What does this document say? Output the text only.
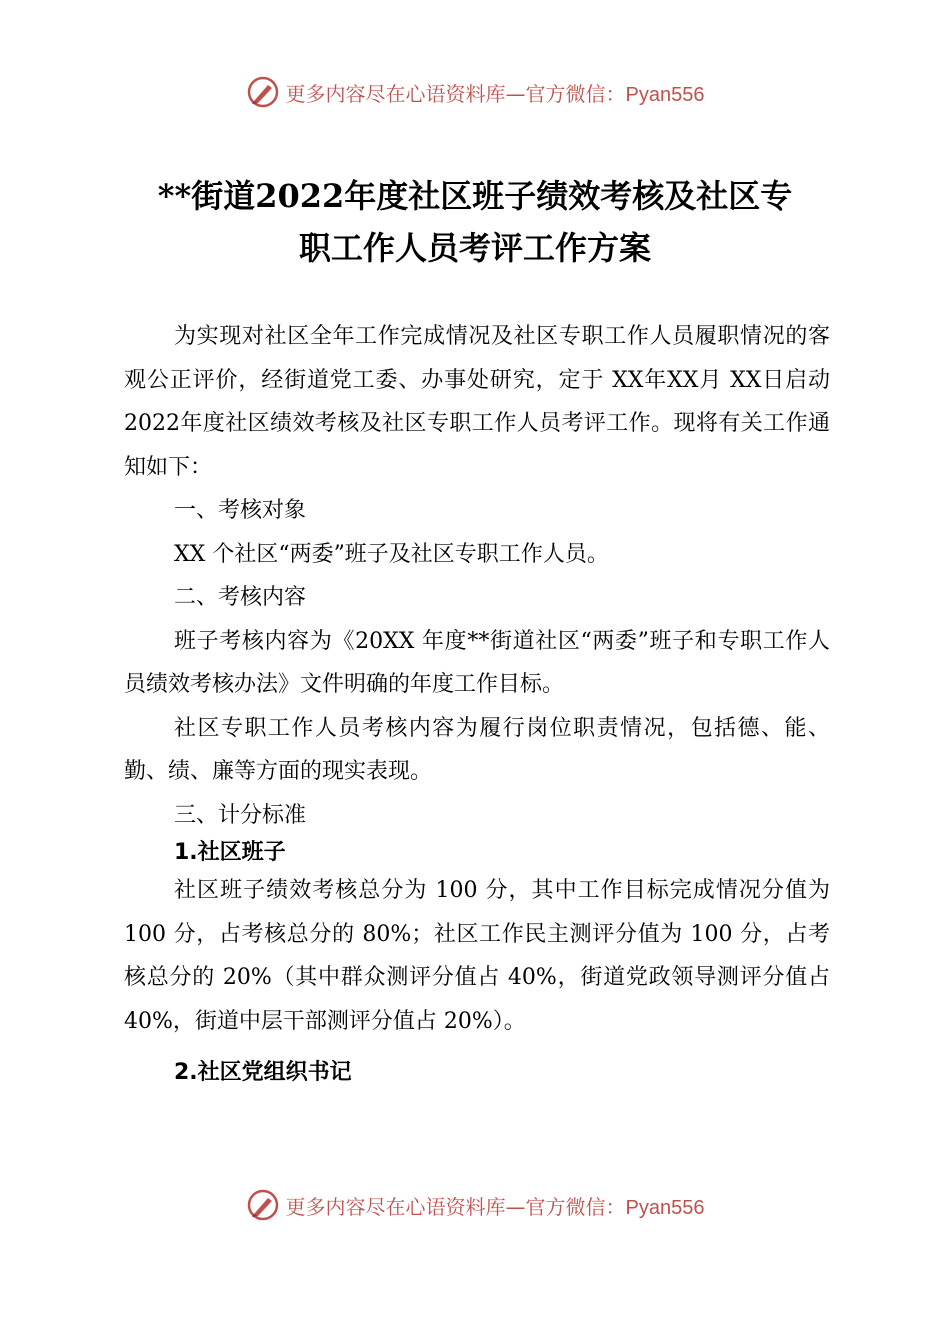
更多内容尽在心语资料库—官方微信：Pyan556
**街道2022年度社区班子绩效考核及社区专
职工作人员考评工作方案

为实现对社区全年工作完成情况及社区专职工作人员履职情况的客观公正评价，经街道党工委、办事处研究，定于 XX年XX月 XX日启动2022年度社区绩效考核及社区专职工作人员考评工作。现将有关工作通知如下：

一、考核对象

XX 个社区“两委”班子及社区专职工作人员。

二、考核内容

班子考核内容为《20XX 年度**街道社区“两委”班子和专职工作人员绩效考核办法》文件明确的年度工作目标。

社区专职工作人员考核内容为履行岗位职责情况，包括德、能、勤、绩、廉等方面的现实表现。

三、计分标准

1.社区班子

社区班子绩效考核总分为 100 分，其中工作目标完成情况分值为 100 分，占考核总分的 80%；社区工作民主测评分值为 100 分，占考核总分的 20%（其中群众测评分值占 40%，街道党政领导测评分值占 40%，街道中层干部测评分值占 20%）。

2.社区党组织书记

更多内容尽在心语资料库—官方微信：Pyan556
